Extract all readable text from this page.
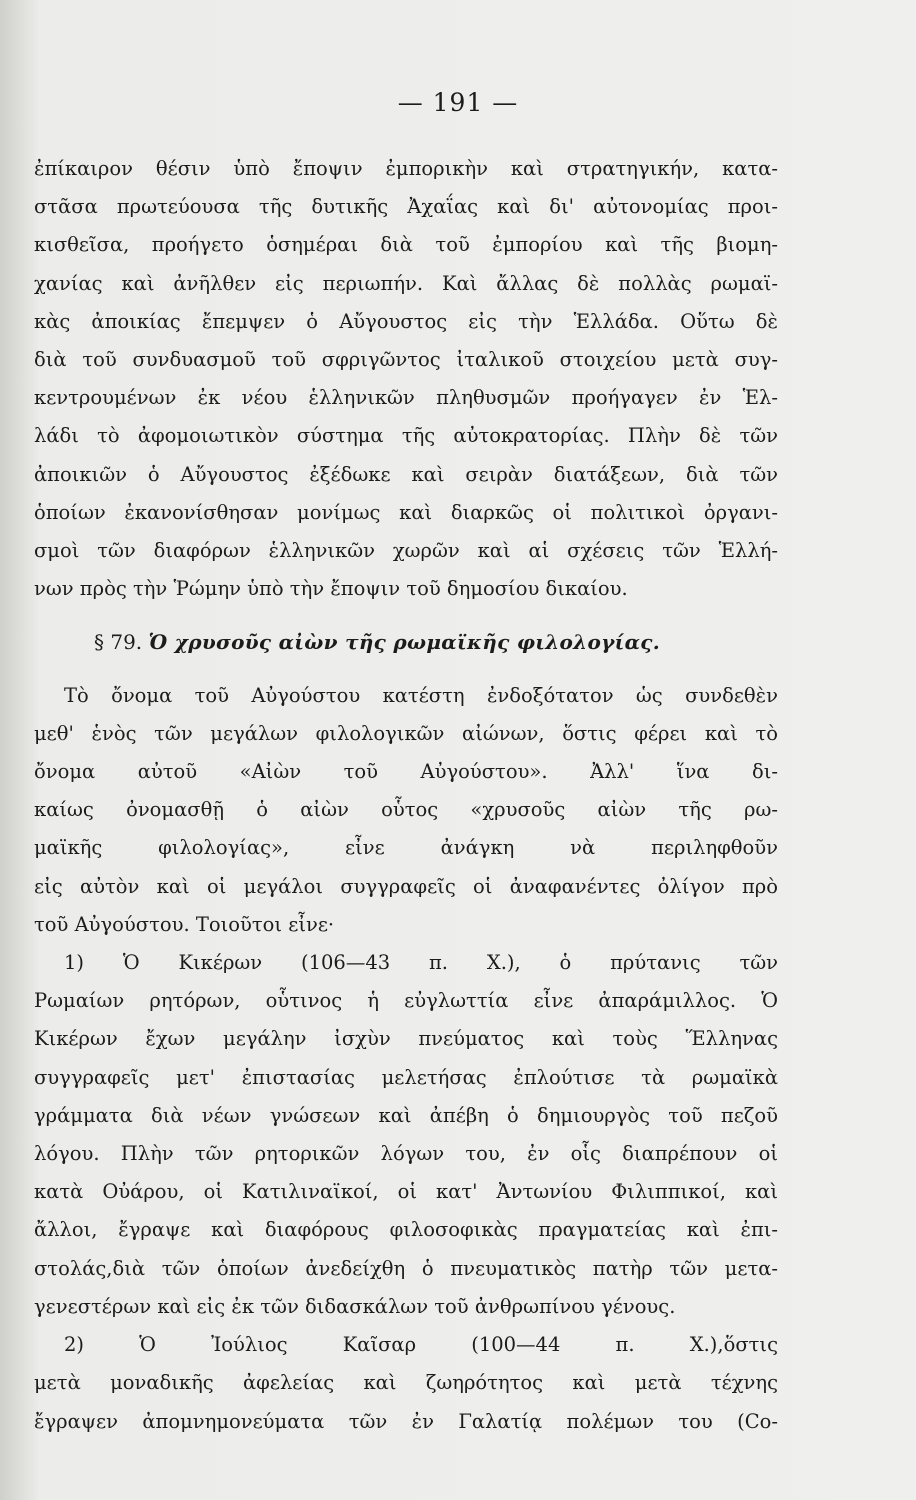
— 191 —
ἐπίκαιρον θέσιν ὑπὸ ἔποψιν ἐμπορικὴν καὶ στρατηγικήν, κατα-
στᾶσα πρωτεύουσα τῆς δυτικῆς Ἀχαΐας καὶ δι' αὐτονομίας προι-
κισθεῖσα, προήγετο ὁσημέραι διὰ τοῦ ἐμπορίου καὶ τῆς βιομη-
χανίας καὶ ἀνῆλθεν εἰς περιωπήν. Καὶ ἄλλας δὲ πολλὰς ρωμαϊ-
κὰς ἀποικίας ἔπεμψεν ὁ Αὔγουστος εἰς τὴν Ἑλλάδα. Οὕτω δὲ
διὰ τοῦ συνδυασμοῦ τοῦ σφριγῶντος ἰταλικοῦ στοιχείου μετὰ συγ-
κεντρουμένων ἐκ νέου ἑλληνικῶν πληθυσμῶν προήγαγεν ἐν Ἑλ-
λάδι τὸ ἀφομοιωτικὸν σύστημα τῆς αὐτοκρατορίας. Πλὴν δὲ τῶν
ἀποικιῶν ὁ Αὔγουστος ἐξέδωκε καὶ σειρὰν διατάξεων, διὰ τῶν
ὁποίων ἐκανονίσθησαν μονίμως καὶ διαρκῶς οἱ πολιτικοὶ ὀργανι-
σμοὶ τῶν διαφόρων ἑλληνικῶν χωρῶν καὶ αἱ σχέσεις τῶν Ἑλλή-
νων πρὸς τὴν Ῥώμην ὑπὸ τὴν ἔποψιν τοῦ δημοσίου δικαίου.
§ 79. Ὁ χρυσοῦς αἰὼν τῆς ρωμαϊκῆς φιλολογίας.
Τὸ ὄνομα τοῦ Αὐγούστου κατέστη ἐνδοξότατον ὡς συνδεθὲν
μεθ' ἑνὸς τῶν μεγάλων φιλολογικῶν αἰώνων, ὅστις φέρει καὶ τὸ
ὄνομα αὐτοῦ «Αἰὼν τοῦ Αὐγούστου». Ἀλλ' ἵνα δι-
καίως ὀνομασθῇ ὁ αἰὼν οὗτος «χρυσοῦς αἰὼν τῆς ρω-
μαϊκῆς φιλολογίας», εἶνε ἀνάγκη νὰ περιληφθοῦν
εἰς αὐτὸν καὶ οἱ μεγάλοι συγγραφεῖς οἱ ἀναφανέντες ὀλίγον πρὸ
τοῦ Αὐγούστου. Τοιοῦτοι εἶνε·
1) Ὁ Κικέρων (106—43 π. Χ.), ὁ πρύτανις τῶν
Ρωμαίων ρητόρων, οὗτινος ἡ εὐγλωττία εἶνε ἀπαράμιλλος. Ὁ
Κικέρων ἔχων μεγάλην ἰσχὺν πνεύματος καὶ τοὺς Ἕλληνας
συγγραφεῖς μετ' ἐπιστασίας μελετήσας ἐπλούτισε τὰ ρωμαϊκὰ
γράμματα διὰ νέων γνώσεων καὶ ἀπέβη ὁ δημιουργὸς τοῦ πεζοῦ
λόγου. Πλὴν τῶν ρητορικῶν λόγων του, ἐν οἷς διαπρέπουν οἱ
κατὰ Οὐάρου, οἱ Κατιλιναϊκοί, οἱ κατ' Ἀντωνίου Φιλιππικοί, καὶ
ἄλλοι, ἔγραψε καὶ διαφόρους φιλοσοφικὰς πραγματείας καὶ ἐπι-
στολάς,διὰ τῶν ὁποίων ἀνεδείχθη ὁ πνευματικὸς πατὴρ τῶν μετα-
γενεστέρων καὶ εἰς ἐκ τῶν διδασκάλων τοῦ ἀνθρωπίνου γένους.
2) Ὁ Ἰούλιος Καῖσαρ (100—44 π. Χ.),ὅστις
μετὰ μοναδικῆς ἀφελείας καὶ ζωηρότητος καὶ μετὰ τέχνης
ἔγραψεν ἀπομνημονεύματα τῶν ἐν Γαλατίᾳ πολέμων του (Co-
